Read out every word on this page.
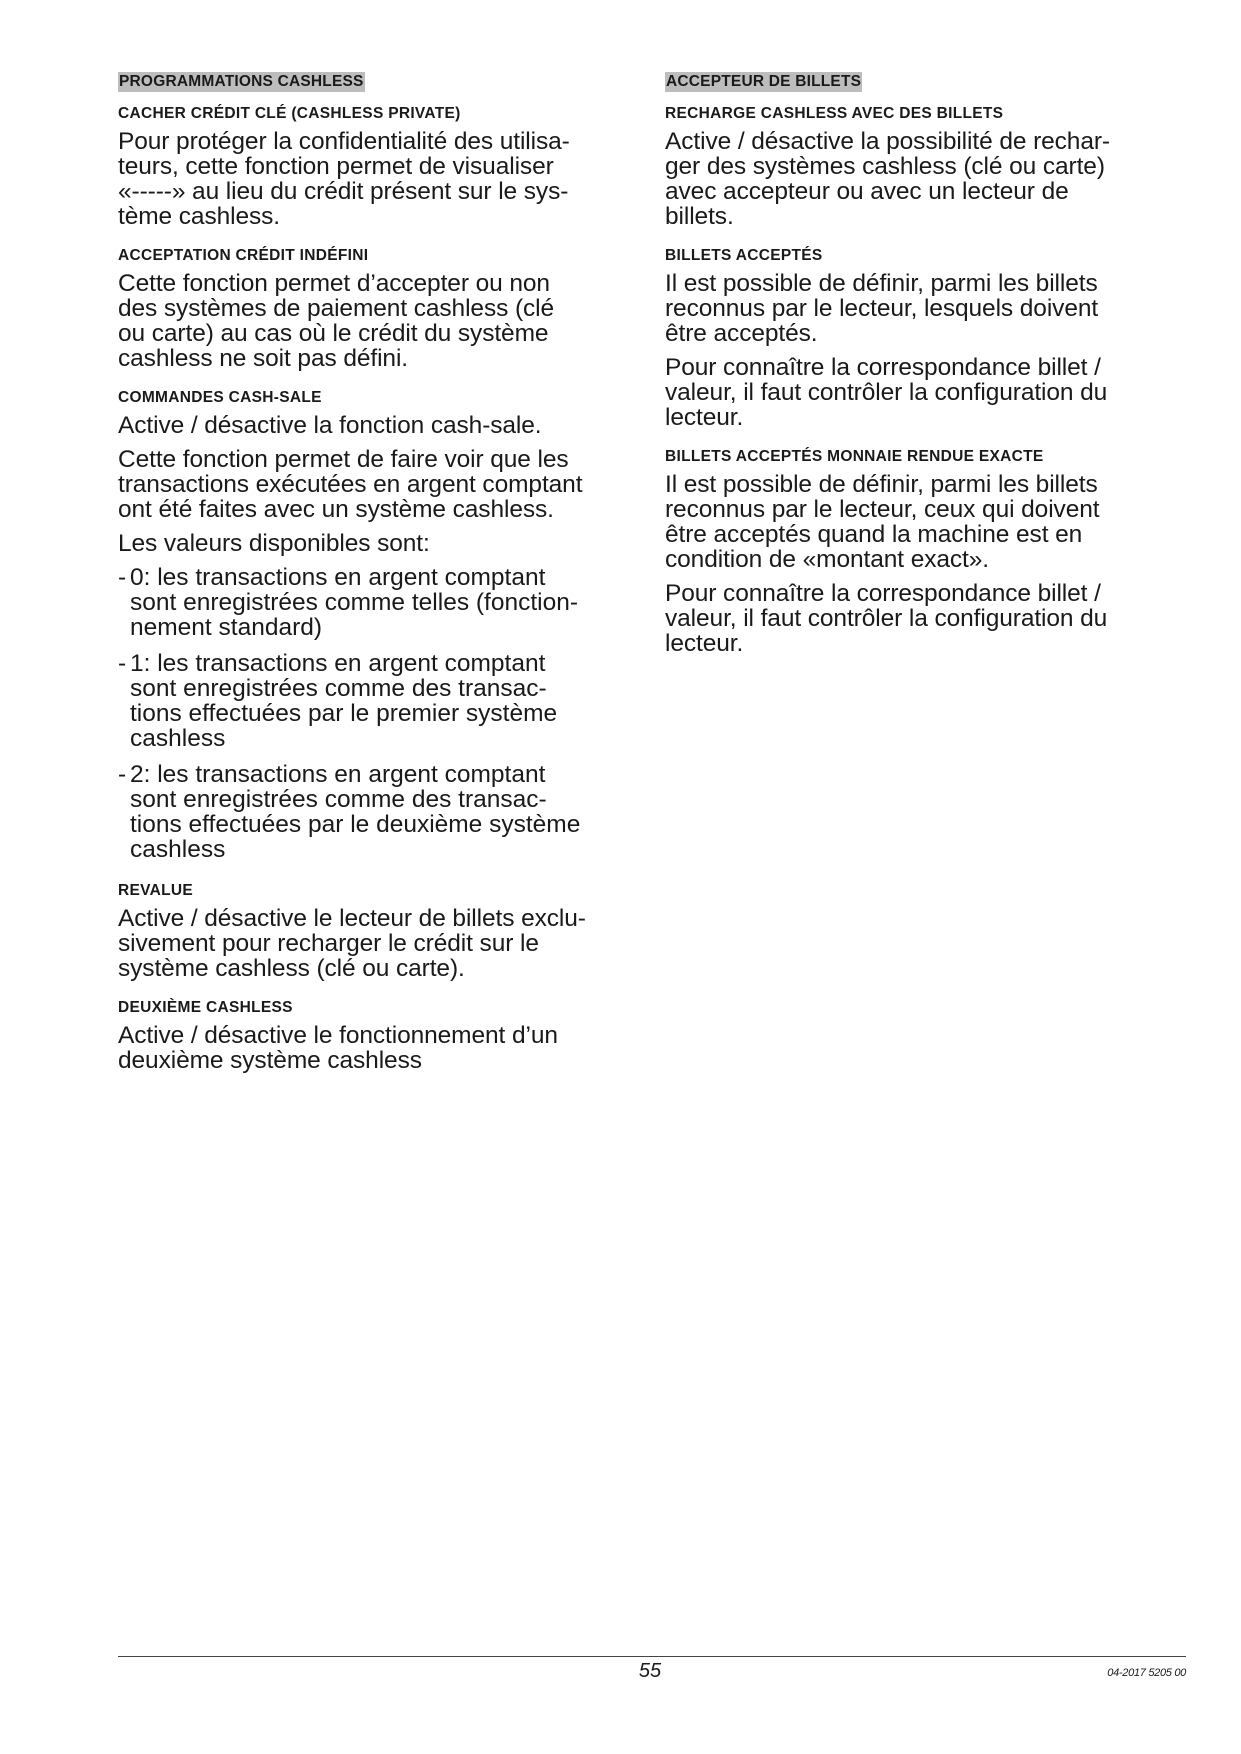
PROGRAMMATIONS CASHLESS
CACHER CRÉDIT CLÉ (CASHLESS PRIVATE)
Pour protéger la confidentialité des utilisa-
teurs, cette fonction permet de visualiser
«-----» au lieu du crédit présent sur le sys-
tème cashless.
ACCEPTATION CRÉDIT INDÉFINI
Cette fonction permet d’accepter ou non
des systèmes de paiement cashless (clé
ou carte) au cas où le crédit du système
cashless ne soit pas défini.
COMMANDES CASH-SALE
Active / désactive la fonction cash-sale.
Cette fonction permet de faire voir que les
transactions exécutées en argent comptant
ont été faites avec un système cashless.
Les valeurs disponibles sont:
- 0: les transactions en argent comptant
sont enregistrées comme telles (fonction-
nement standard)
- 1: les transactions en argent comptant
sont enregistrées comme des transac-
tions effectuées par le premier système
cashless
- 2: les transactions en argent comptant
sont enregistrées comme des transac-
tions effectuées par le deuxième système
cashless
REVALUE
Active / désactive le lecteur de billets exclu-
sivement pour recharger le crédit sur le
système cashless (clé ou carte).
DEUXIÈME CASHLESS
Active / désactive le fonctionnement d’un
deuxième système cashless
ACCEPTEUR DE BILLETS
RECHARGE CASHLESS AVEC DES BILLETS
Active / désactive la possibilité de rechar-
ger des systèmes cashless (clé ou carte)
avec accepteur ou avec un lecteur de
billets.
BILLETS ACCEPTÉS
Il est possible de définir, parmi les billets
reconnus par le lecteur, lesquels doivent
être acceptés.
Pour connaître la correspondance billet /
valeur, il faut contrôler la configuration du
lecteur.
BILLETS ACCEPTÉS MONNAIE RENDUE EXACTE
Il est possible de définir, parmi les billets
reconnus par le lecteur, ceux qui doivent
être acceptés quand la machine est en
condition de «montant exact».
Pour connaître la correspondance billet /
valeur, il faut contrôler la configuration du
lecteur.
55	04-2017 5205 00
